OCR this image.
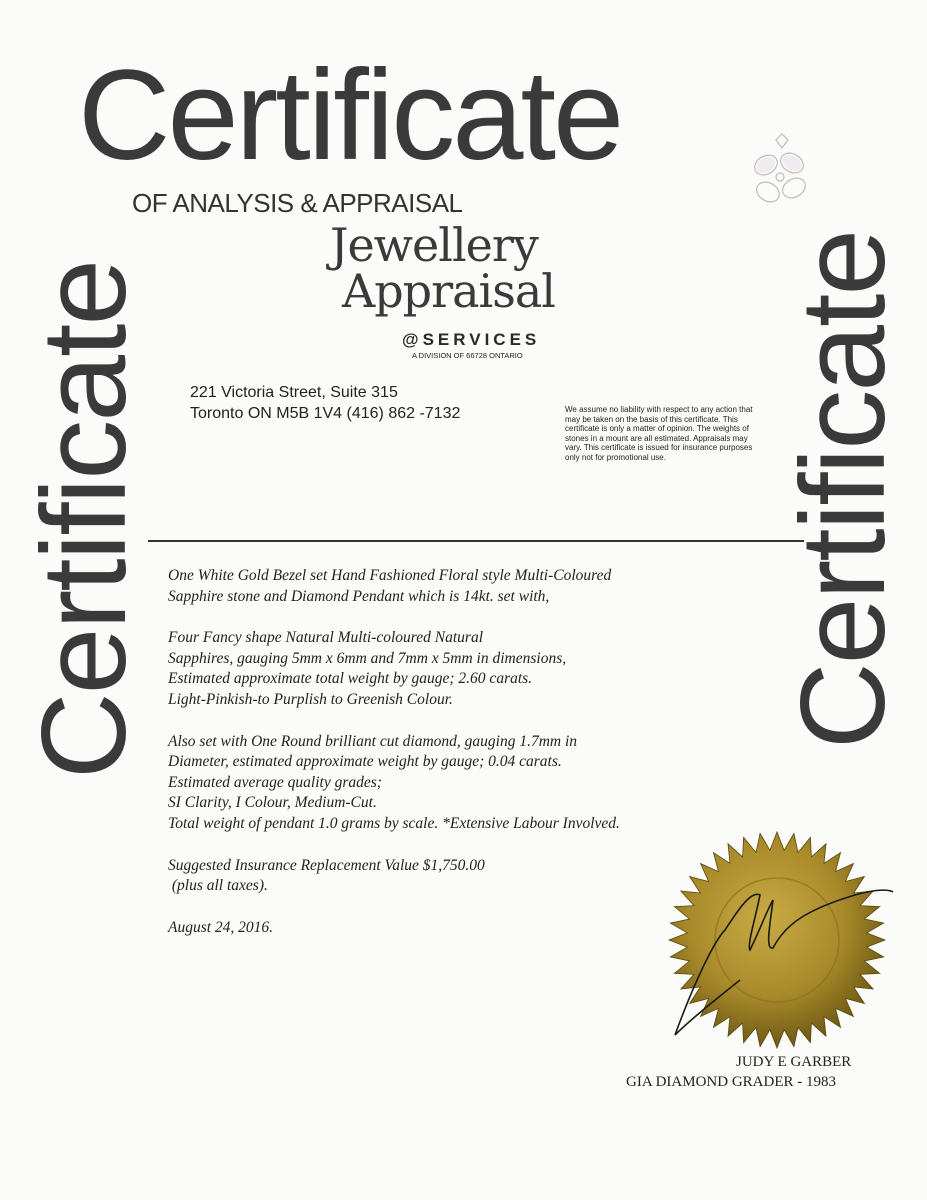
Certificate
OF ANALYSIS & APPRAISAL
Jewellery
Appraisal
@SERVICES
A DIVISION OF 66728 ONTARIO
Certificate	Certificate
221 Victoria Street, Suite 315
Toronto ON M5B 1V4 (416) 862 -7132	We assume no liability with respect to any action that may be taken on the basis of this certificate. This certificate is only a matter of opinion. The weights of stones in a mount are all estimated. Appraisals may vary. This certificate is issued for insurance purposes only not for promotional use.

One White Gold Bezel set Hand Fashioned Floral style Multi-Coloured
Sapphire stone and Diamond Pendant which is 14kt. set with,

Four Fancy shape Natural Multi-coloured Natural
Sapphires, gauging 5mm x 6mm and 7mm x 5mm in dimensions,
Estimated approximate total weight by gauge; 2.60 carats.
Light-Pinkish-to Purplish to Greenish Colour.

Also set with One Round brilliant cut diamond, gauging 1.7mm in
Diameter, estimated approximate weight by gauge; 0.04 carats.
Estimated average quality grades;
SI Clarity, I Colour, Medium-Cut.
Total weight of pendant 1.0 grams by scale. *Extensive Labour Involved.

Suggested Insurance Replacement Value $1,750.00
(plus all taxes).

August 24, 2016.

JUDY E GARBER
GIA DIAMOND GRADER - 1983
